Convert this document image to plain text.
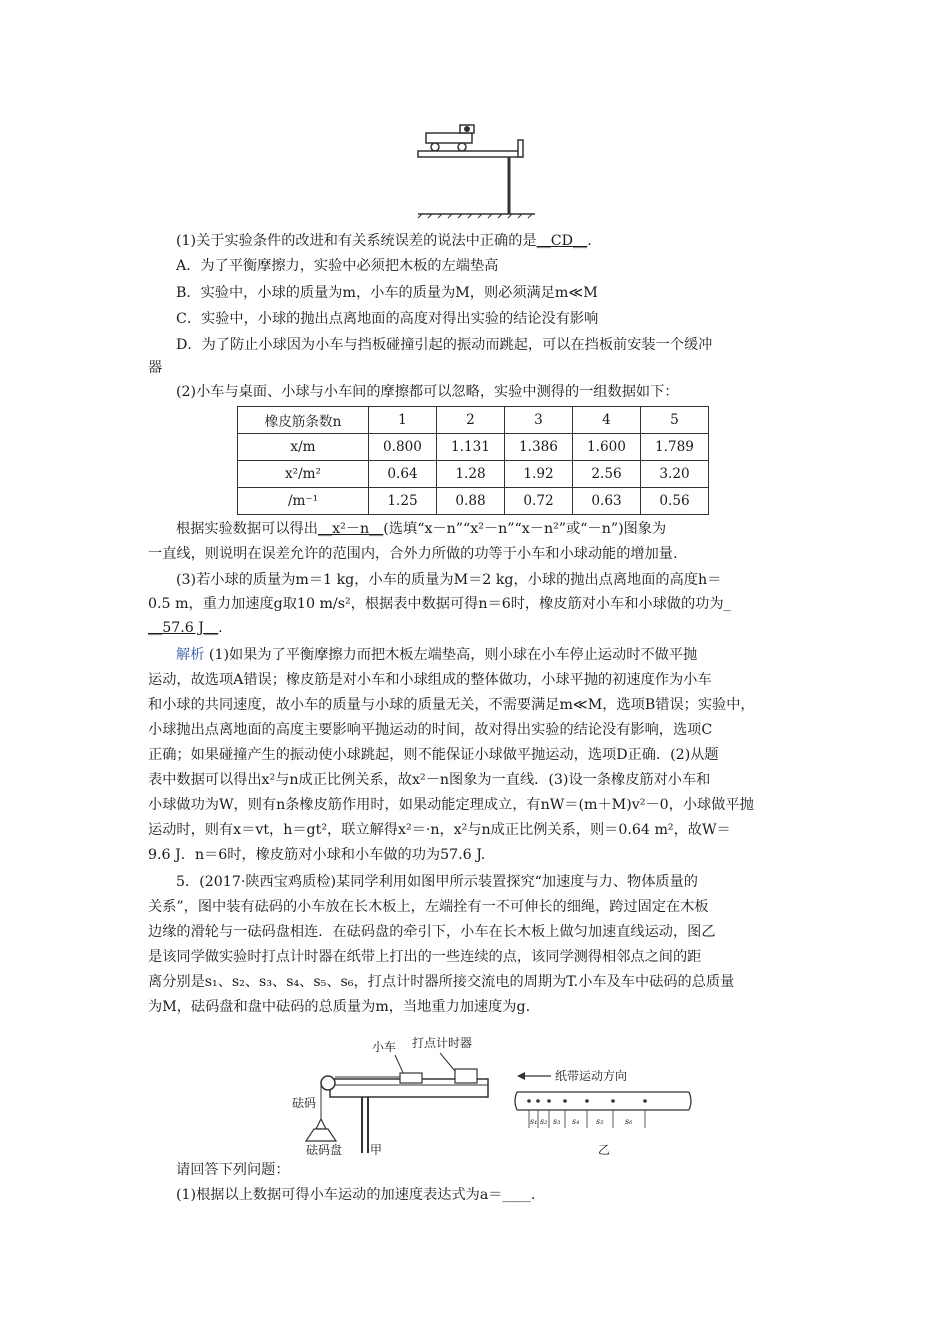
(1)关于实验条件的改进和有关系统误差的说法中正确的是__CD__.
A．为了平衡摩擦力，实验中必须把木板的左端垫高
B．实验中，小球的质量为m，小车的质量为M，则必须满足m≪M
C．实验中，小球的抛出点离地面的高度对得出实验的结论没有影响
D．为了防止小球因为小车与挡板碰撞引起的振动而跳起，可以在挡板前安装一个缓冲
器
(2)小车与桌面、小球与小车间的摩擦都可以忽略，实验中测得的一组数据如下：
橡皮筋条数n	1	2	3	4	5
x/m	0.800	1.131	1.386	1.600	1.789
x²/m²	0.64	1.28	1.92	2.56	3.20
/m⁻¹	1.25	0.88	0.72	0.63	0.56
根据实验数据可以得出__x²－n__(选填“x－n”“x²－n”“x－n²”或“－n”)图象为
一直线，则说明在误差允许的范围内，合外力所做的功等于小车和小球动能的增加量.
(3)若小球的质量为m＝1 kg，小车的质量为M＝2 kg，小球的抛出点离地面的高度h＝
0.5 m，重力加速度g取10 m/s²，根据表中数据可得n＝6时，橡皮筋对小车和小球做的功为_
__57.6 J__.
解析 (1)如果为了平衡摩擦力而把木板左端垫高，则小球在小车停止运动时不做平抛
运动，故选项A错误；橡皮筋是对小车和小球组成的整体做功，小球平抛的初速度作为小车
和小球的共同速度，故小车的质量与小球的质量无关，不需要满足m≪M，选项B错误；实验中，
小球抛出点离地面的高度主要影响平抛运动的时间，故对得出实验的结论没有影响，选项C
正确；如果碰撞产生的振动使小球跳起，则不能保证小球做平抛运动，选项D正确．(2)从题
表中数据可以得出x²与n成正比例关系，故x²－n图象为一直线．(3)设一条橡皮筋对小车和
小球做功为W，则有n条橡皮筋作用时，如果动能定理成立，有nW＝(m＋M)v²－0，小球做平抛
运动时，则有x＝vt，h＝gt²，联立解得x²＝·n，x²与n成正比例关系，则＝0.64 m²，故W＝
9.6 J．n＝6时，橡皮筋对小球和小车做的功为57.6 J.
5．(2017·陕西宝鸡质检)某同学利用如图甲所示装置探究“加速度与力、物体质量的
关系”，图中装有砝码的小车放在长木板上，左端拴有一不可伸长的细绳，跨过固定在木板
边缘的滑轮与一砝码盘相连．在砝码盘的牵引下，小车在长木板上做匀加速直线运动，图乙
是该同学做实验时打点计时器在纸带上打出的一些连续的点，该同学测得相邻点之间的距
离分别是s₁、s₂、s₃、s₄、s₅、s₆，打点计时器所接交流电的周期为T.小车及车中砝码的总质量
为M，砝码盘和盘中砝码的总质量为m，当地重力加速度为g.
小车 打点计时器
砝码
砝码盘 甲
纸带运动方向
s₁ s₂ s₃ s₄ s₅	s₆
乙
请回答下列问题：
(1)根据以上数据可得小车运动的加速度表达式为a＝____.
